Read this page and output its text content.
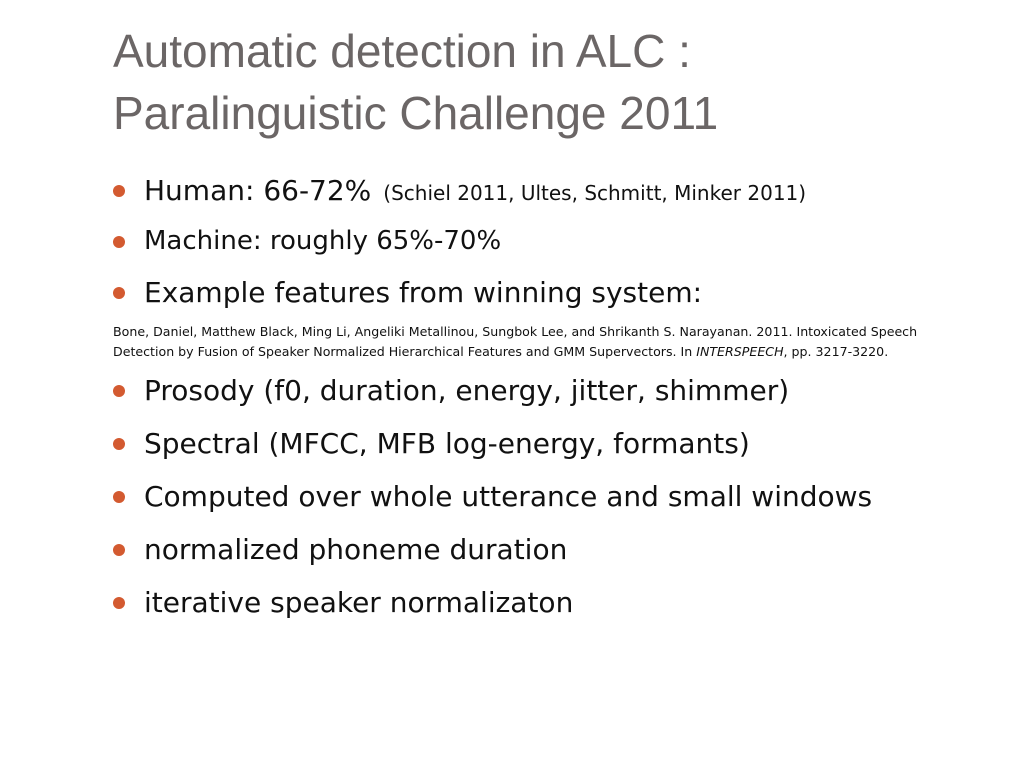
Automatic detection in ALC :
Paralinguistic Challenge 2011
Human: 66-72% (Schiel 2011, Ultes, Schmitt, Minker 2011)
Machine: roughly 65%-70%
Example features from winning system:
Bone, Daniel, Matthew Black, Ming Li, Angeliki Metallinou, Sungbok Lee, and Shrikanth S. Narayanan. 2011. Intoxicated Speech Detection by Fusion of Speaker Normalized Hierarchical Features and GMM Supervectors. In INTERSPEECH, pp. 3217-3220.
Prosody (f0, duration, energy, jitter, shimmer)
Spectral (MFCC, MFB log-energy, formants)
Computed over whole utterance and small windows
normalized phoneme duration
iterative speaker normalizaton
